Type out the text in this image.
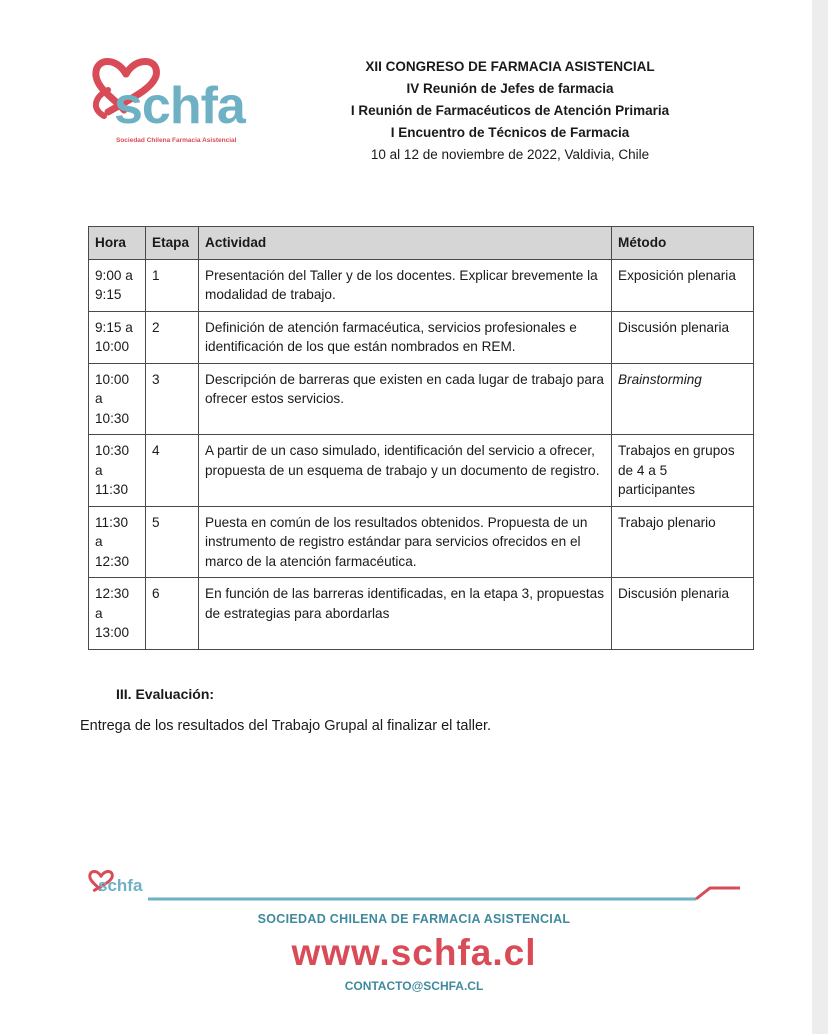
schfa
Sociedad Chilena Farmacia Asistencial
XII CONGRESO DE FARMACIA ASISTENCIAL
IV Reunión de Jefes de farmacia
I Reunión de Farmacéuticos de Atención Primaria
I Encuentro de Técnicos de Farmacia
10 al 12 de noviembre de 2022, Valdivia, Chile
Hora	Etapa	Actividad	Método
9:00 a 9:15	1	Presentación del Taller y de los docentes. Explicar brevemente la modalidad de trabajo.	Exposición plenaria
9:15 a 10:00	2	Definición de atención farmacéutica, servicios profesionales e identificación de los que están nombrados en REM.	Discusión plenaria
10:00 a 10:30	3	Descripción de barreras que existen en cada lugar de trabajo para ofrecer estos servicios.	Brainstorming
10:30 a 11:30	4	A partir de un caso simulado, identificación del servicio a ofrecer, propuesta de un esquema de trabajo y un documento de registro.	Trabajos en grupos de 4 a 5 participantes
11:30 a 12:30	5	Puesta en común de los resultados obtenidos. Propuesta de un instrumento de registro estándar para servicios ofrecidos en el marco de la atención farmacéutica.	Trabajo plenario
12:30 a 13:00	6	En función de las barreras identificadas, en la etapa 3, propuestas de estrategias para abordarlas	Discusión plenaria
III. Evaluación:
Entrega de los resultados del Trabajo Grupal al finalizar el taller.
schfa
SOCIEDAD CHILENA DE FARMACIA ASISTENCIAL
www.schfa.cl
CONTACTO@SCHFA.CL
